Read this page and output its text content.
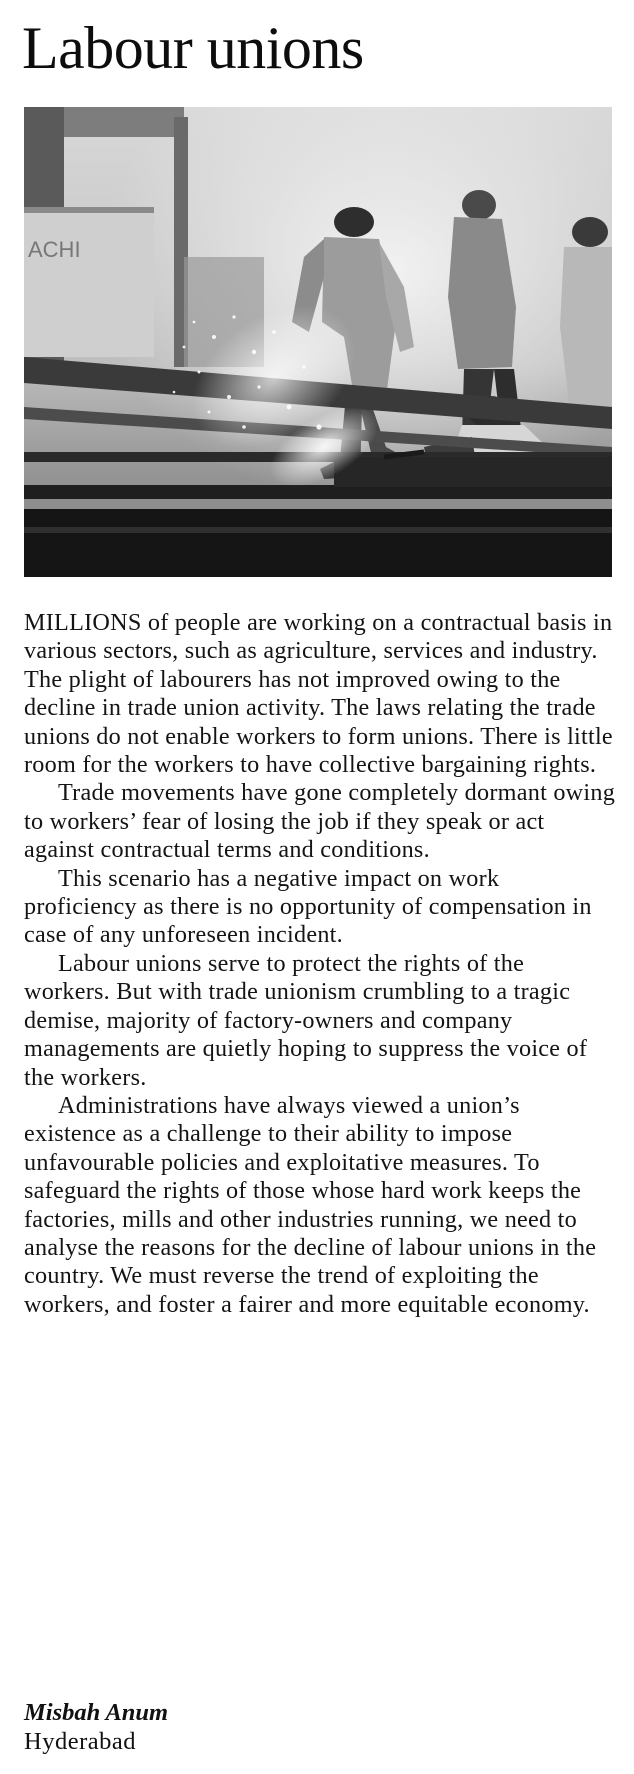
Labour unions
ACHI

MILLIONS of people are working on a contractual basis in various sectors, such as agriculture, services and industry. The plight of labourers has not improved owing to the decline in trade union activity. The laws relating the trade unions do not enable workers to form unions. There is little room for the workers to have collective bargaining rights.

Trade movements have gone completely dormant owing to workers’ fear of losing the job if they speak or act against contractual terms and conditions.

This scenario has a negative impact on work proficiency as there is no opportunity of compensation in case of any unforeseen incident.

Labour unions serve to protect the rights of the workers. But with trade unionism crumbling to a tragic demise, majority of factory-owners and company managements are quietly hoping to suppress the voice of the workers.

Administrations have always viewed a union’s existence as a challenge to their ability to impose unfavourable policies and exploitative measures. To safeguard the rights of those whose hard work keeps the factories, mills and other industries running, we need to analyse the reasons for the decline of labour unions in the country. We must reverse the trend of exploiting the workers, and foster a fairer and more equitable economy.

Misbah Anum
Hyderabad
